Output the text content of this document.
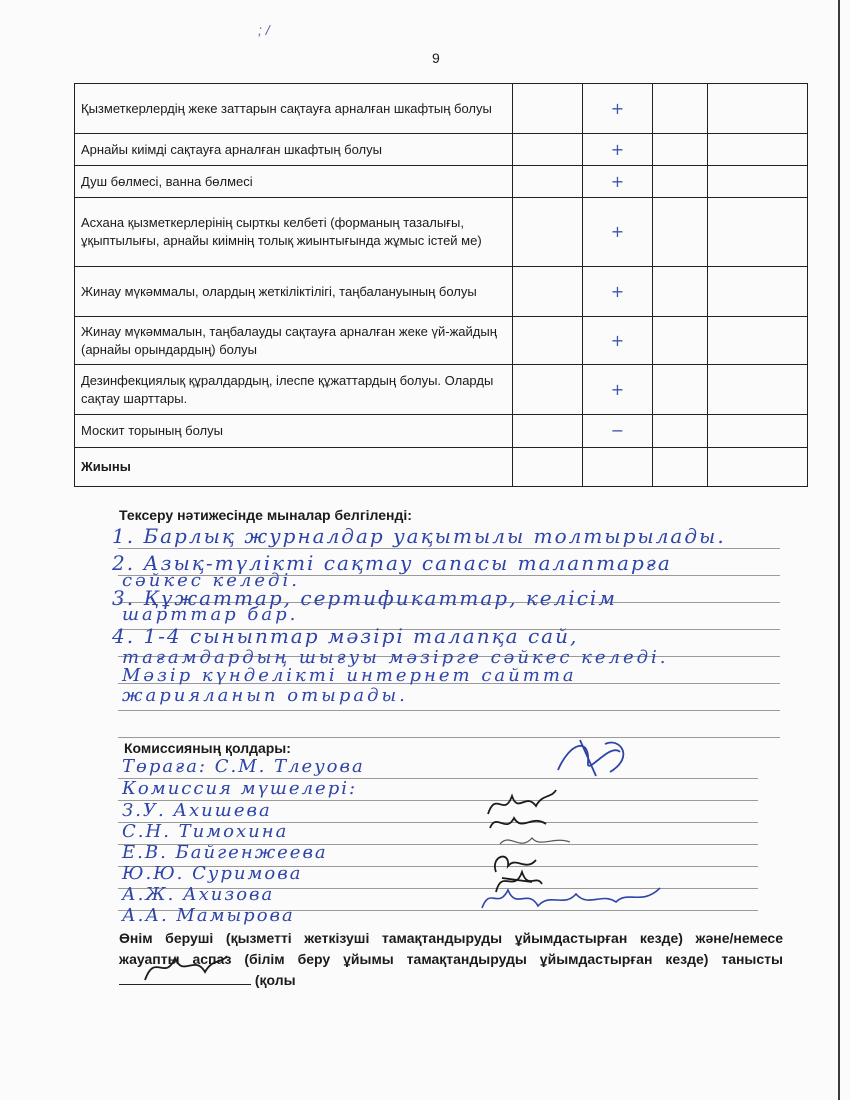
; /
9
Қызметкерлердің жеке заттарын сақтауға арналған шкафтың болуы		+		
Арнайы киімді сақтауға арналған шкафтың болуы		+		
Душ бөлмесі, ванна бөлмесі		+		
Асхана қызметкерлерінің сырткы келбеті (форманың тазалығы, ұқыптылығы, арнайы киімнің толық жиынтығында жұмыс істей ме)		+		
Жинау мүкәммалы, олардың жеткіліктілігі, таңбалануының болуы		+		
Жинау мүкәммалын, таңбалауды сақтауға арналған жеке үй-жайдың (арнайы орындардың) болуы		+		
Дезинфекциялық құралдардың, ілеспе құжаттардың болуы. Оларды сақтау шарттары.		+		
Москит торының болуы		−		
Жиыны				
Тексеру нәтижесінде мыналар белгіленді:
1. Барлық журналдар уақытылы толтырылады.
2. Азық-түлікті сақтау сапасы талаптарға
сәйкес келеді.
3. Құжаттар, сертификаттар, келісім
шарттар бар.
4. 1-4 сыныптар мәзірі талапқа сай,
тағамдардың шығуы мәзірге сәйкес келеді.
Мәзір күнделікті интернет сайтта
жарияланып отырады.
Комиссияның қолдары:
Төраға: С.М. Тлеуова
Комиссия мүшелері:
З.У. Ахишева
С.Н. Тимохина
Е.В. Байгенжеева
Ю.Ю. Суримова
А.Ж. Ахизова
А.А. Мамырова
Өнім беруші (қызметті жеткізуші тамақтандыруды ұйымдастырған кезде) және/немесе жауапты аспаз (білім беру ұйымы тамақтандыруды ұйымдастырған кезде) танысты
(қолы
